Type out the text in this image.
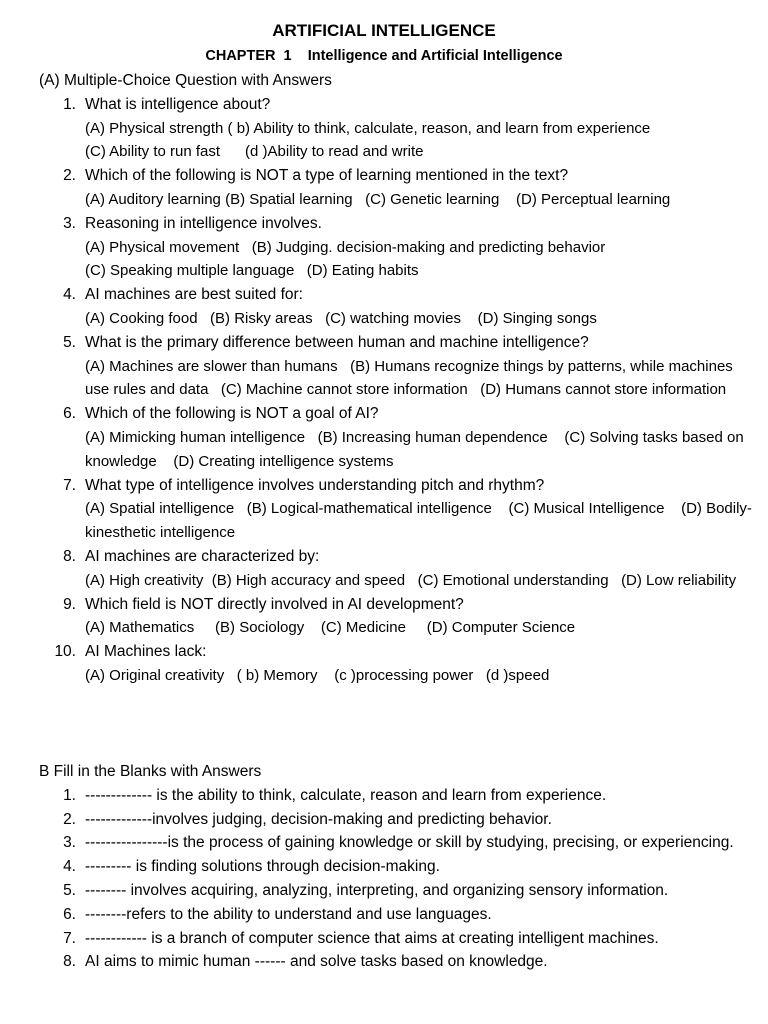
ARTIFICIAL INTELLIGENCE
CHAPTER  1    Intelligence and Artificial Intelligence

(A) Multiple-Choice Question with Answers

1. What is intelligence about?
(A) Physical strength ( b) Ability to think, calculate, reason, and learn from experience
(C) Ability to run fast      (d )Ability to read and write
2. Which of the following is NOT a type of learning mentioned in the text?
(A) Auditory learning (B) Spatial learning   (C) Genetic learning    (D) Perceptual learning
3. Reasoning in intelligence involves.
(A) Physical movement   (B) Judging. decision-making and predicting behavior
(C) Speaking multiple language   (D) Eating habits
4. AI machines are best suited for:
(A) Cooking food   (B) Risky areas   (C) watching movies    (D) Singing songs
5. What is the primary difference between human and machine intelligence?
(A) Machines are slower than humans   (B) Humans recognize things by patterns, while machines use rules and data   (C) Machine cannot store information   (D) Humans cannot store information
6. Which of the following is NOT a goal of AI?
(A) Mimicking human intelligence   (B) Increasing human dependence    (C) Solving tasks based on knowledge    (D) Creating intelligence systems
7. What type of intelligence involves understanding pitch and rhythm?
(A) Spatial intelligence   (B) Logical-mathematical intelligence    (C) Musical Intelligence    (D) Bodily-kinesthetic intelligence
8. AI machines are characterized by:
(A) High creativity  (B) High accuracy and speed   (C) Emotional understanding   (D) Low reliability
9. Which field is NOT directly involved in AI development?
(A) Mathematics     (B) Sociology    (C) Medicine     (D) Computer Science
10. AI Machines lack:
(A) Original creativity   ( b) Memory    (c )processing power   (d )speed

B Fill in the Blanks with Answers

1. ------------- is the ability to think, calculate, reason and learn from experience.
2. -------------involves judging, decision-making and predicting behavior.
3. ----------------is the process of gaining knowledge or skill by studying, precising, or experiencing.
4. --------- is finding solutions through decision-making.
5. -------- involves acquiring, analyzing, interpreting, and organizing sensory information.
6. --------refers to the ability to understand and use languages.
7. ------------ is a branch of computer science that aims at creating intelligent machines.
8. AI aims to mimic human ------ and solve tasks based on knowledge.
